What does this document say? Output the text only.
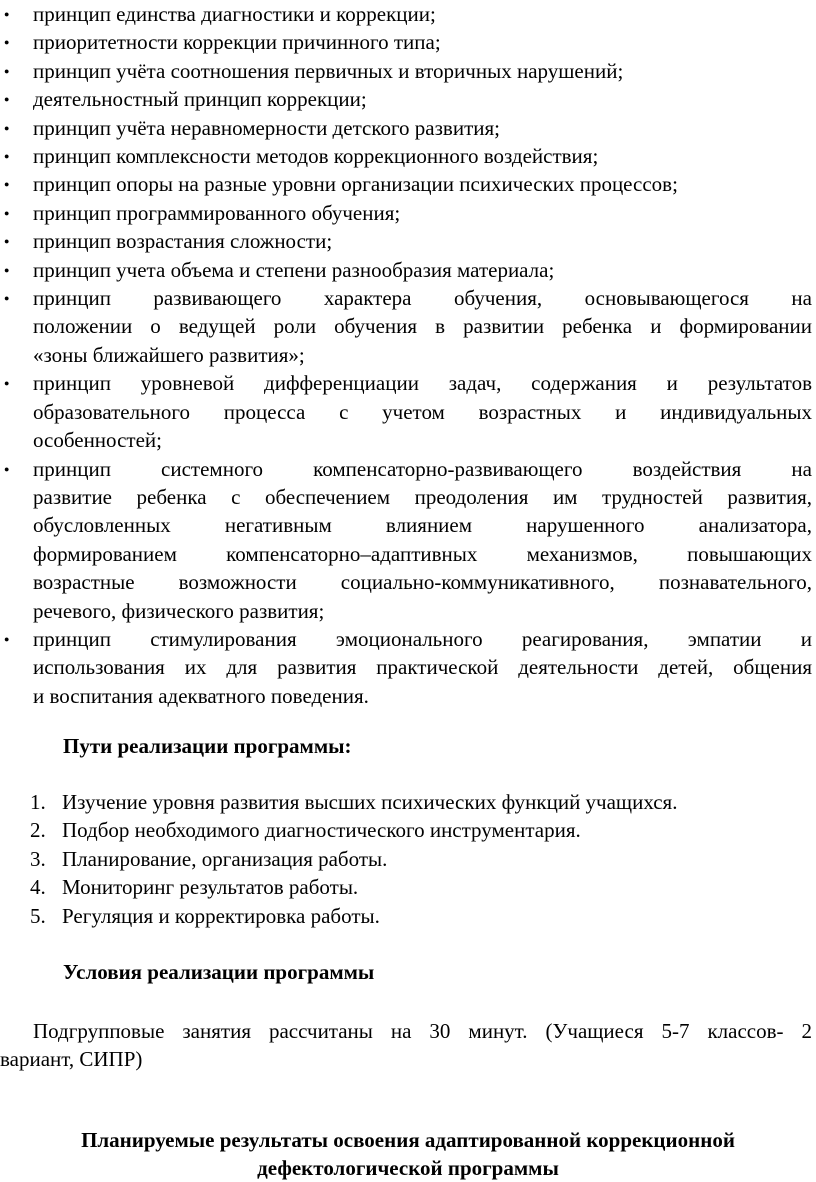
● принцип единства диагностики и коррекции;
● приоритетности коррекции причинного типа;
● принцип учёта соотношения первичных и вторичных нарушений;
● деятельностный принцип коррекции;
● принцип учёта неравномерности детского развития;
● принцип комплексности методов коррекционного воздействия;
● принцип опоры на разные уровни организации психических процессов;
● принцип программированного обучения;
● принцип возрастания сложности;
● принцип учета объема и степени разнообразия материала;
● принцип развивающего характера обучения, основывающегося на
положении о ведущей роли обучения в развитии ребенка и формировании
«зоны ближайшего развития»;
● принцип уровневой дифференциации задач, содержания и результатов
образовательного процесса с учетом возрастных и индивидуальных
особенностей;
● принцип системного компенсаторно-развивающего воздействия на
развитие ребенка с обеспечением преодоления им трудностей развития,
обусловленных негативным влиянием нарушенного анализатора,
формированием компенсаторно–адаптивных механизмов, повышающих
возрастные возможности социально-коммуникативного, познавательного,
речевого, физического развития;
● принцип стимулирования эмоционального реагирования, эмпатии и
использования их для развития практической деятельности детей, общения
и воспитания адекватного поведения.
Пути реализации программы:
1. Изучение уровня развития высших психических функций учащихся.
2. Подбор необходимого диагностического инструментария.
3. Планирование, организация работы.
4. Мониторинг результатов работы.
5. Регуляция и корректировка работы.
Условия реализации программы
Подгрупповые занятия рассчитаны на 30 минут. (Учащиеся 5-7 классов- 2
вариант, СИПР)
Планируемые результаты освоения адаптированной коррекционной
дефектологической программы
